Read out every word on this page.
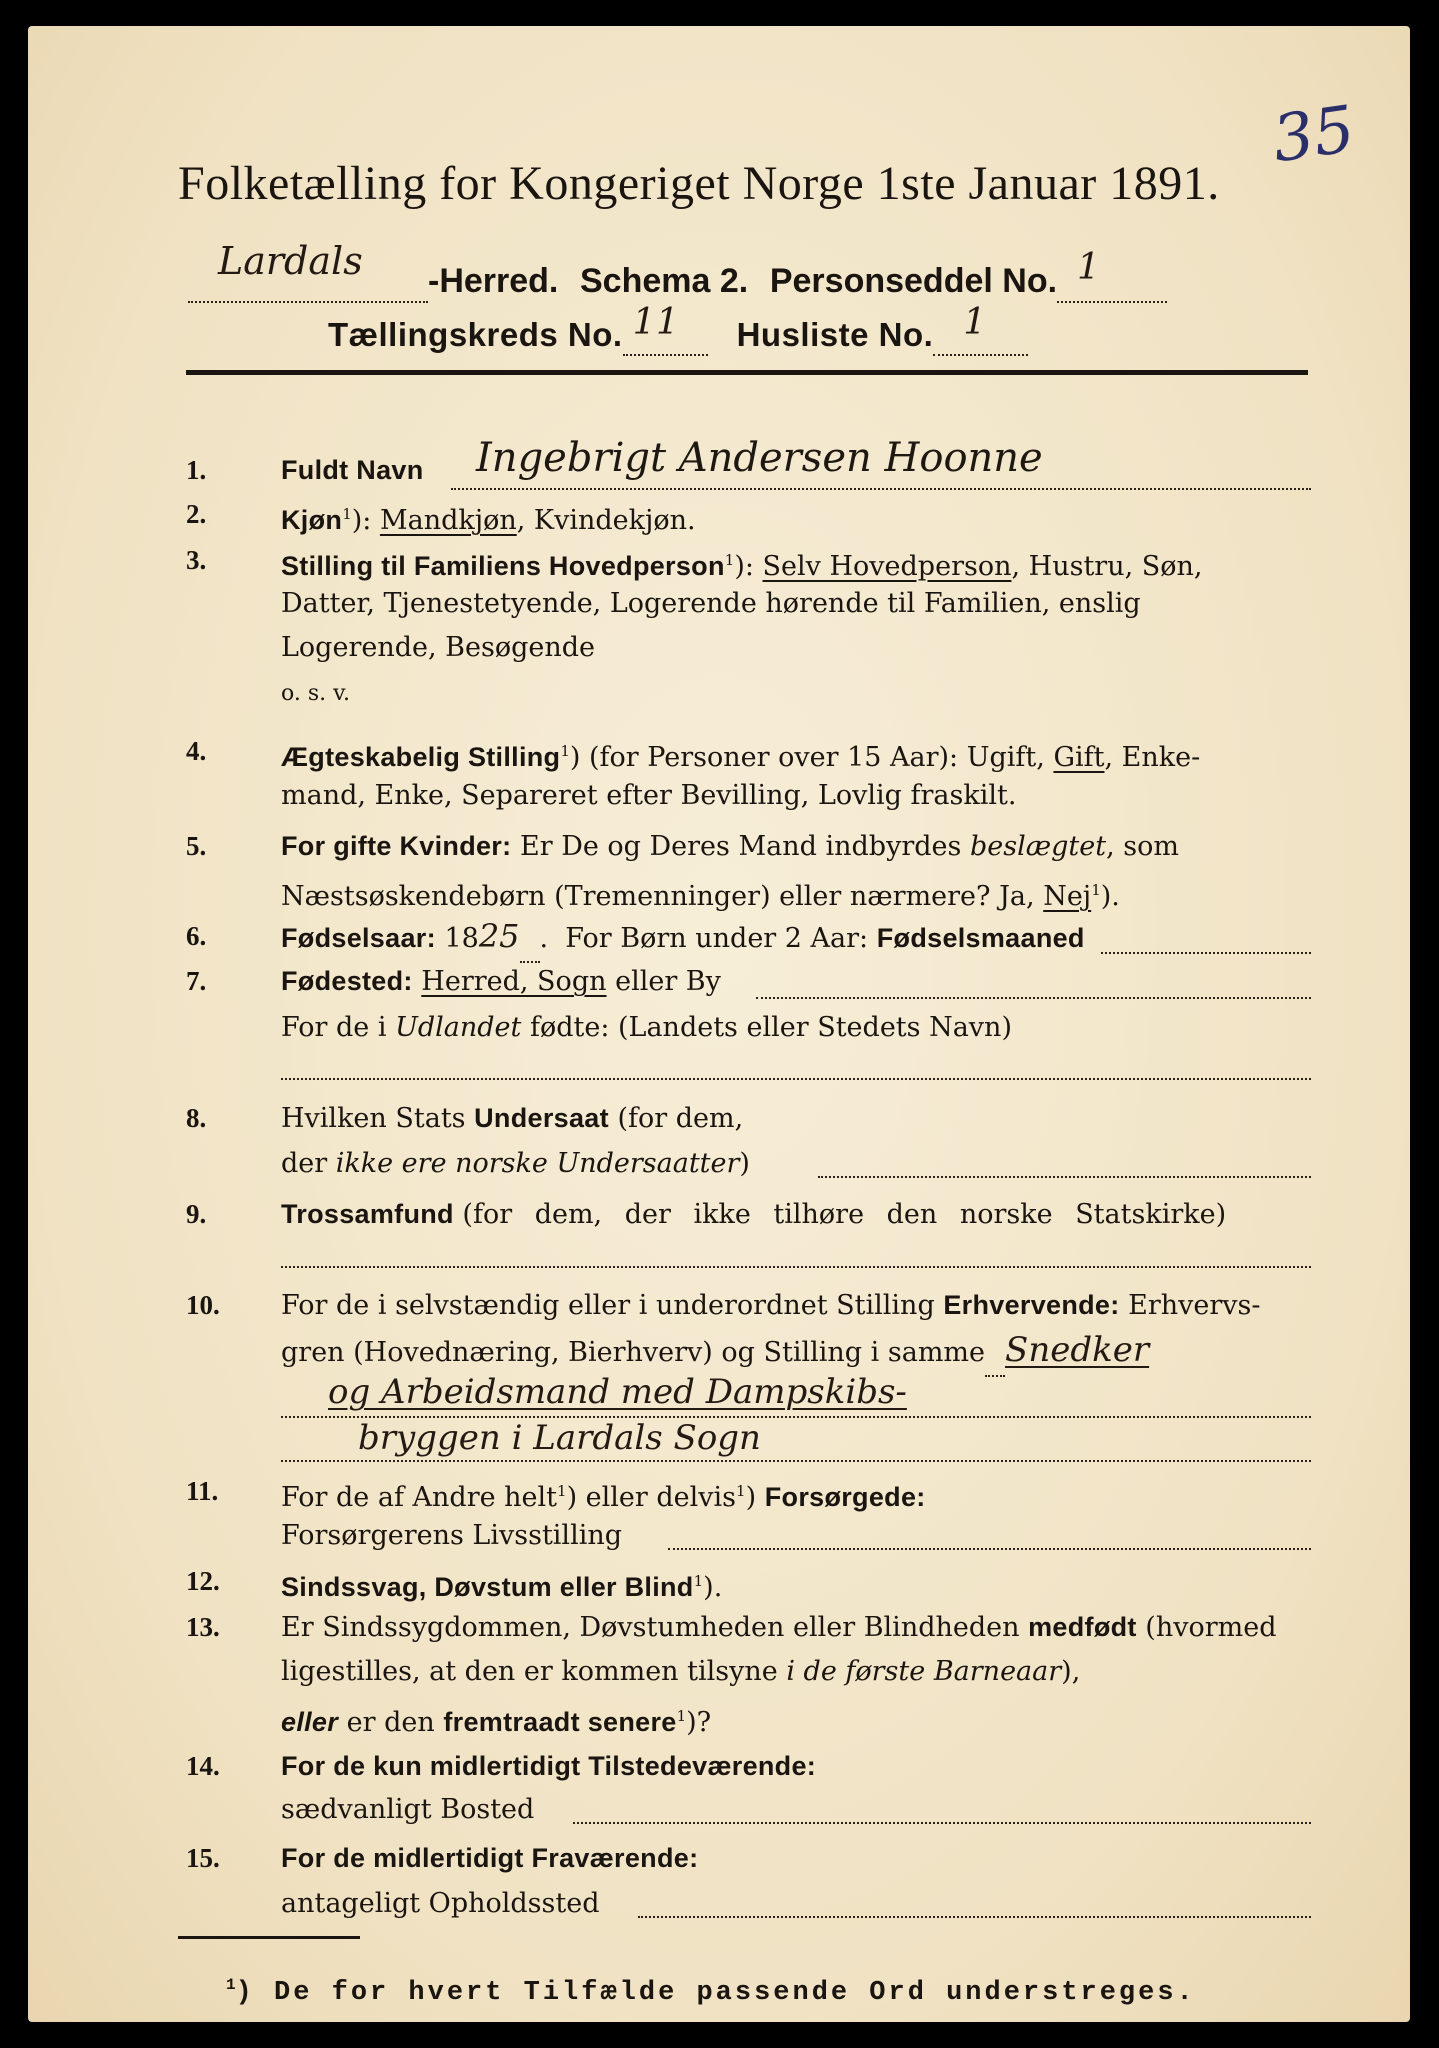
Folketælling for Kongeriget Norge 1ste Januar 1891.
35
Lardals -Herred. Schema 2. Personseddel No. 1

Tællingskreds No. 11 Husliste No. 1

1.	Fuldt Navn	Ingebrigt Andersen Hoonne
2.	Kjøn$^1$): Mandkjøn, Kvindekjøn.
3.	Stilling til Familiens Hovedperson$^1$): Selv Hovedperson, Hustru, Søn,
Datter, Tjenestetyende, Logerende hørende til Familien, enslig
Logerende, Besøgende
o. s. v.
4.	Ægteskabelig Stilling$^1$) (for Personer over 15 Aar): Ugift, Gift, Enke-
mand, Enke, Separeret efter Bevilling, Lovlig fraskilt.
5.	For gifte Kvinder: Er De og Deres Mand indbyrdes beslægtet, som
Næstsøskendebørn (Tremenninger) eller nærmere? Ja, Nej$^1$).
6.	Fødselsaar: 1825 .  For Børn under 2 Aar: Fødselsmaaned
7.	Fødested: Herred, Sogn eller By
For de i Udlandet fødte: (Landets eller Stedets Navn)
8.	Hvilken Stats Undersaat (for dem,
der ikke ere norske Undersaatter)
9.	Trossamfund (for dem, der ikke tilhøre den norske Statskirke)
10.	For de i selvstændig eller i underordnet Stilling Erhvervende: Erhvervs-
gren (Hovednæring, Bierhverv) og Stilling i samme Snedker
og Arbeidsmand med Dampskibs-
bryggen i Lardals Sogn
11.	For de af Andre helt$^1$) eller delvis$^1$) Forsørgede:
Forsørgerens Livsstilling
12.	Sindssvag, Døvstum eller Blind$^1$).
13.	Er Sindssygdommen, Døvstumheden eller Blindheden medfødt (hvormed
ligestilles, at den er kommen tilsyne i de første Barneaar),
eller er den fremtraadt senere$^1$)?
14.	For de kun midlertidigt Tilstedeværende:
sædvanligt Bosted
15.	For de midlertidigt Fraværende:
antageligt Opholdssted
$^1$) De for hvert Tilfælde passende Ord understreges.
